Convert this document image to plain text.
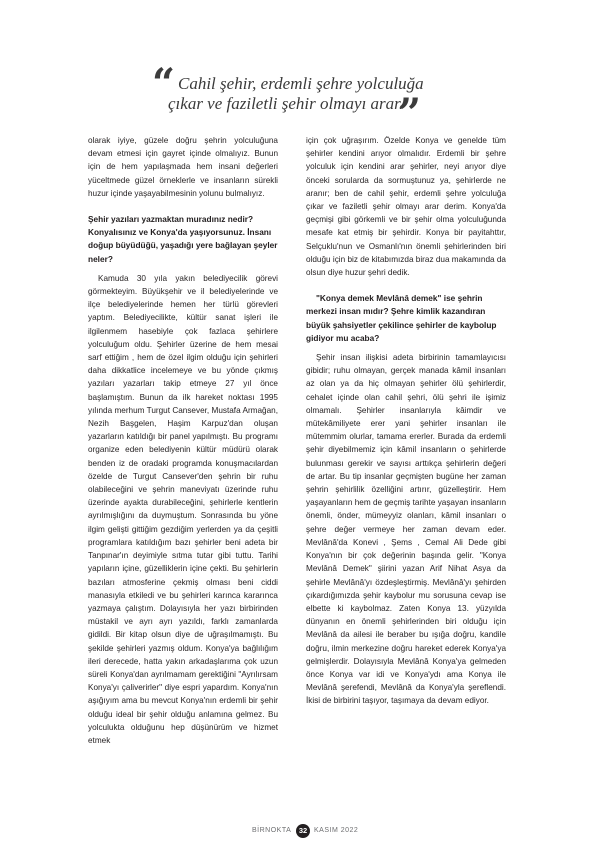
“ Cahil şehir, erdemli şehre yolculuğa
çıkar ve faziletli şehir olmayı arar.
”

olarak iyiye, güzele doğru şehrin yolculuğuna devam etmesi için gayret içinde olmalıyız. Bunun için de hem yapılaşmada hem insani değerleri yüceltmede güzel örneklerle ve insanların sürekli huzur içinde yaşayabilmesinin yolunu bulmalıyız.

Şehir yazıları yazmaktan muradınız nedir? Konyalısınız ve Konya'da yaşıyorsunuz. İnsanı doğup büyüdüğü, yaşadığı yere bağlayan şeyler neler?

Kamuda 30 yıla yakın belediyecilik görevi görmekteyim. Büyükşehir ve il belediyelerinde ve ilçe belediyelerinde hemen her türlü görevleri yaptım. Belediyecilikte, kültür sanat işleri ile ilgilenmem hasebiyle çok fazlaca şehirlere yolculuğum oldu. Şehirler üzerine de hem mesai sarf ettiğim , hem de özel ilgim olduğu için şehirleri daha dikkatlice incelemeye ve bu yönde çıkmış yazıları yazarları takip etmeye 27 yıl önce başlamıştım. Bunun da ilk hareket noktası 1995 yılında merhum Turgut Cansever, Mustafa Armağan, Nezih Başgelen, Haşim Karpuz'dan oluşan yazarların katıldığı bir panel yapılmıştı. Bu programı organize eden belediyenin kültür müdürü olarak benden iz de oradaki programda konuşmacılardan özelde de Turgut Cansever'den şehrin bir ruhu olabileceğini ve şehrin maneviyatı üzerinde ruhu üzerinde ayakta durabileceğini, şehirlerle kentlerin ayrılmışlığını da duymuştum. Sonrasında bu yöne ilgim gelişti gittiğim gezdiğim yerlerden ya da çeşitli programlara katıldığım bazı şehirler beni adeta bir Tanpınar'ın deyimiyle sıtma tutar gibi tuttu. Tarihi yapıların içine, güzelliklerin içine çekti. Bu şehirlerin bazıları atmosferine çekmiş olması beni ciddi manasıyla etkiledi ve bu şehirleri karınca kararınca yazmaya çalıştım. Dolayısıyla her yazı birbirinden müstakil ve ayrı ayrı yazıldı, farklı zamanlarda gidildi. Bir kitap olsun diye de uğraşılmamıştı. Bu şekilde şehirleri yazmış oldum. Konya'ya bağlılığım ileri derecede, hatta yakın arkadaşlarıma çok uzun süreli Konya'dan ayrılmamam gerektiğini "Ayrılırsam Konya'yı çaliverirler" diye espri yapardım. Konya'nın aşığıyım ama bu mevcut Konya'nın erdemli bir şehir olduğu ideal bir şehir olduğu anlamına gelmez. Bu yolculukta olduğunu hep düşünürüm ve hizmet etmek

için çok uğraşırım. Özelde Konya ve genelde tüm şehirler kendini arıyor olmalıdır. Erdemli bir şehre yolculuk için kendini arar şehirler, neyi arıyor diye önceki sorularda da sormuştunuz ya, şehirlerde ne aranır; ben de cahil şehir, erdemli şehre yolculuğa çıkar ve faziletli şehir olmayı arar derim. Konya'da geçmişi gibi görkemli ve bir şehir olma yolculuğunda mesafe kat etmiş bir şehirdir. Konya bir payitahttır, Selçuklu'nun ve Osmanlı'nın önemli şehirlerinden biri olduğu için biz de kitabımızda biraz dua makamında da olsun diye huzur şehri dedik.

"Konya demek Mevlânâ demek" ise şehrin merkezi insan mıdır? Şehre kimlik kazandıran büyük şahsiyetler çekilince şehirler de kaybolup gidiyor mu acaba?

Şehir insan ilişkisi adeta birbirinin tamamlayıcısı gibidir; ruhu olmayan, gerçek manada kâmil insanları az olan ya da hiç olmayan şehirler ölü şehirlerdir, cehalet içinde olan cahil şehri, ölü şehri ile işimiz olmamalı. Şehirler insanlarıyla kâimdir ve mütekâmiliyete erer yani şehirler insanları ile mütemmim olurlar, tamama ererler. Burada da erdemli şehir diyebilmemiz için kâmil insanların o şehirlerde bulunması gerekir ve sayısı arttıkça şehirlerin değeri de artar. Bu tip insanlar geçmişten bugüne her zaman şehrin şehirlilik özelliğini artırır, güzelleştirir. Hem yaşayanların hem de geçmiş tarihte yaşayan insanların önemli, önder, mümeyyiz olanları, kâmil insanları o şehre değer vermeye her zaman devam eder. Mevlânâ'da Konevi , Şems , Cemal Ali Dede gibi Konya'nın bir çok değerinin başında gelir. "Konya Mevlânâ Demek" şiirini yazan Arif Nihat Asya da şehirle Mevlânâ'yı özdeşleştirmiş. Mevlânâ'yı şehirden çıkardığımızda şehir kaybolur mu sorusuna cevap ise elbette ki kaybolmaz. Zaten Konya 13. yüzyılda dünyanın en önemli şehirlerinden biri olduğu için Mevlânâ da ailesi ile beraber bu ışığa doğru, kandile doğru, ilmin merkezine doğru hareket ederek Konya'ya gelmişlerdir. Dolayısıyla Mevlânâ Konya'ya gelmeden önce Konya var idi ve Konya'ydı ama Konya ile Mevlânâ şerefendi, Mevlânâ da Konya'yla şereflendi. İkisi de birbirini taşıyor, taşımaya da devam ediyor.

BİRNOKTA	32 KASIM 2022
